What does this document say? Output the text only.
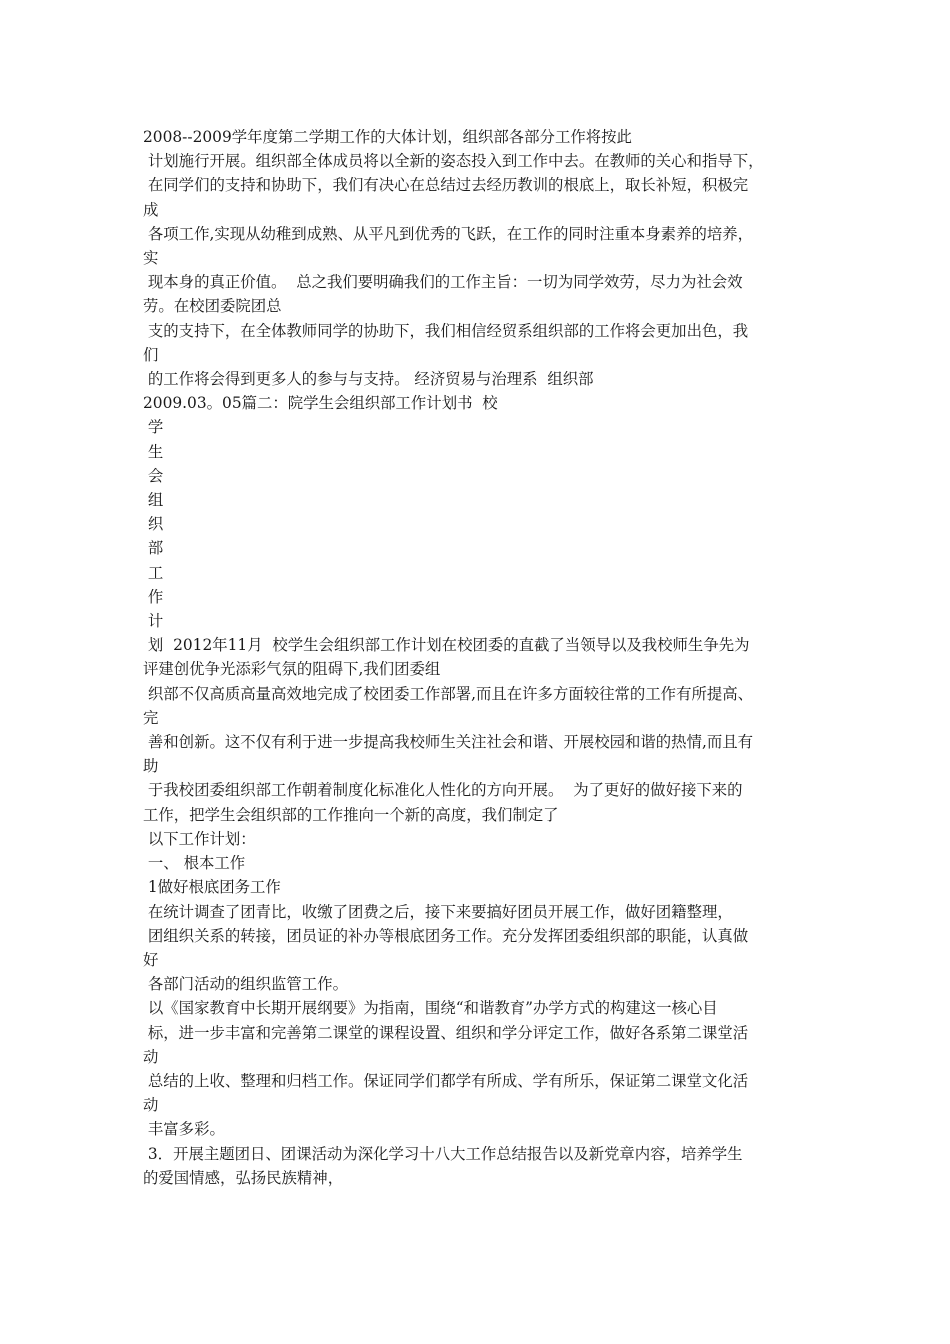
2008--2009学年度第二学期工作的大体计划，组织部各部分工作将按此
计划施行开展。组织部全体成员将以全新的姿态投入到工作中去。在教师的关心和指导下，
在同学们的支持和协助下，我们有决心在总结过去经历教训的根底上，取长补短，积极完
成
各项工作,实现从幼稚到成熟、从平凡到优秀的飞跃，在工作的同时注重本身素养的培养，
实
现本身的真正价值。  总之我们要明确我们的工作主旨：一切为同学效劳，尽力为社会效
劳。在校团委院团总
支的支持下，在全体教师同学的协助下，我们相信经贸系组织部的工作将会更加出色，我
们
的工作将会得到更多人的参与与支持。 经济贸易与治理系  组织部
2009.03。05篇二：院学生会组织部工作计划书  校
学
生
会
组
织
部
工
作
计
划  2012年11月  校学生会组织部工作计划在校团委的直截了当领导以及我校师生争先为
评建创优争光添彩气氛的阻碍下,我们团委组
织部不仅高质高量高效地完成了校团委工作部署,而且在许多方面较往常的工作有所提高、
完
善和创新。这不仅有利于进一步提高我校师生关注社会和谐、开展校园和谐的热情,而且有
助
于我校团委组织部工作朝着制度化标准化人性化的方向开展。  为了更好的做好接下来的
工作，把学生会组织部的工作推向一个新的高度，我们制定了
以下工作计划：
一、 根本工作
1做好根底团务工作
在统计调查了团青比，收缴了团费之后，接下来要搞好团员开展工作，做好团籍整理，
团组织关系的转接，团员证的补办等根底团务工作。充分发挥团委组织部的职能，认真做
好
各部门活动的组织监管工作。
以《国家教育中长期开展纲要》为指南，围绕“和谐教育”办学方式的构建这一核心目
标，进一步丰富和完善第二课堂的课程设置、组织和学分评定工作，做好各系第二课堂活
动
总结的上收、整理和归档工作。保证同学们都学有所成、学有所乐，保证第二课堂文化活
动
丰富多彩。
3．开展主题团日、团课活动为深化学习十八大工作总结报告以及新党章内容，培养学生
的爱国情感，弘扬民族精神，
